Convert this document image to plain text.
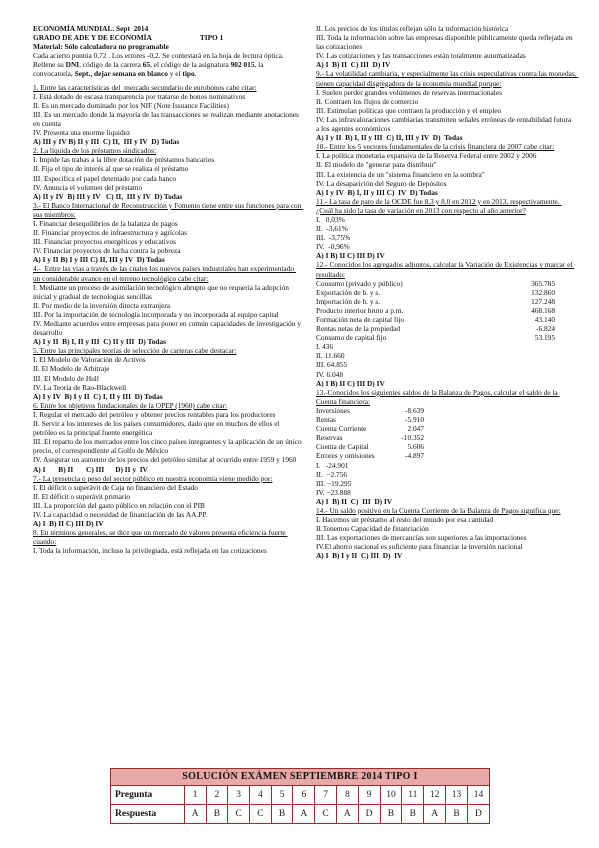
ECONOMÍA MUNDIAL. Sept  2014

GRADO DE ADE Y DE ECONOMÍA	TIPO 1

Material: Sólo calculadora no programable

Cada acierto puntúa 0,72 . Los errores -0,2. Se contestará en la hoja de lectura óptica. Rellene su DNI, código de la carrera 65, el código de la asignatura 902 015, la convocatoria, Sept., dejar semana en blanco y el tipo.

1. Entre las características del  mercado secundario de eurobonos cabe citar:

I. Está dotado de escasa transparencia por tratarse de bonos nominativos

II. Es un mercado dominado por los NIF (Note Issuance Facilities)

III. Es un mercado donde la mayoría de las transacciones se realizan mediante anotaciones en cuenta

IV. Presenta una enorme liquidez

A) III y IV B) II y III  C) II,  III y IV  D) Todas

2. La líquida de los préstamos sindicados:

I. Impide las trabas a la libre dotación de préstamos bancarios

II. Fija el tipo de interés al que se realiza el préstamo

III. Especifica el papel detentado por cada banco

IV. Anuncia el volumen del préstamo

A) II y IV  B) III y IV   C) II,  III y IV  D) Todas

3.- El Banco Internacional de Reconstrucción y Fomento tiene entre sus funciones para con sus miembros:

I. Financiar desequilibrios de la balanza de pagos

II. Financiar proyectos de infraestructura y agrícolas

III. Financiar proyectos energéticos y educativos

IV. Financiar proyectos de lucha contra la pobreza

A) I y II B) I y III C) II, III y IV  D) Todas

4.-  Entre las vías a través de las cuales los nuevos países industriales han experimentado un considerable avance en el terreno tecnológico cabe citar:

I. Mediante un proceso de asimilación tecnológico abrupto que no requería la adopción inicial y gradual de tecnologías sencillas

II. Por medio de la inversión directa extranjera

III. Por la importación de tecnología incorporada y no incorporada al equipo capital

IV. Mediante acuerdos entre empresas para poner en común capacidades de investigación y desarrollo

A) I y II  B) I, II y III  C) II y III  D) Todas

5. Entre las principales teorías de selección de carteras cabe destacar:

I. El Modelo de Valoración de Activos

II. El Modelo de Arbitraje

III. El Modelo de Hull

IV. La Teoría de Rao-Blackwell

A) I y IV  B) I y II  C) I, II y III  D) Todas

6. Entre los objetivos fundacionales de la OPEP (1960) cabe citar:

I. Regular el mercado del petróleo y obtener precios rentables para los productores

II. Servir a los intereses de los países consumidores, dado que en muchos de ellos el petróleo es la principal fuente energética

III. El reparto de los mercados entre los cinco países integrantes y la aplicación de un único precio, el correspondiente al Golfo de México

IV. Asegurar un aumento de los precios del petróleo similar al ocurrido entre 1959 y 1960

A) I       B) II       C) III      D) II y  IV

7.- La presencia o peso del sector público en nuestra economía viene medido por:

I. El déficit o superávit de Caja no financiero del Estado

II. El déficit o superávit primario

III. La proporción del gasto público en relación con el PIB

IV. La capacidad o necesidad de financiación de las AA.PP.

A) I  B) II C) III D) IV

8. En términos generales, se dice que un mercado de valores presenta eficiencia fuerte cuando:

I. Toda la información, incluso la privilegiada, está reflejada en las cotizaciones

II. Los precios de los títulos reflejan sólo la información histórica

III. Toda la información sobre las empresas disponible públicamente queda reflejada en las cotizaciones

IV. Las cotizaciones y las transacciones están totalmente automatizadas

A) I  B) II  C) III  D) IV

9.- La volatilidad cambiaria, y especialmente las crisis especulativas contra las monedas, tienen capacidad disgregadora de la economía mundial porque:

I. Suelen perder grandes volúmenes de reservas internacionales

II. Contraen los flujos de comercio

III. Estimulan políticas que contraen la producción y el empleo

IV. Las infravaloraciones cambiarias transmiten señales erróneas de rentabilidad futura  a los agentes económicos

A) I y II  B) I, II y III  C) II, III y IV  D)  Todas

10.- Entre los 5 vectores fundamentales de la crisis financiera de 2007 cabe citar:

I. La política monetaria expansiva de la Reserva Federal entre 2002 y 2006

II. El modelo de "generar para distribuir"

III. La existencia de un "sistema financiero en la sombra"

IV. La desaparición del Seguro de Depósitos

A) I y IV  B) I, II y III C)  IV  D) Todas

11.- La tasa de paro de la OCDE fue 8,3 y 8,0 en 2012 y en 2013, respectivamente. ¿Cuál ha sido la tasa de variación en 2013 con respecto al año anterior?

I.   0,03%

II.  -3,61%

III.  -3,75%

IV.  -0,96%

A) I B) II C) III D) IV

12.- Conocidos los agregados adjuntos, calcular la Variación de Existencias y marcar el resultado:

Consumo (privado y público)	365.785
Exportación de b. y s.	132.860
Importación de b. y s.	127.248
Producto interior bruto a p.m.	468.168
Formación neta de capital fijo	43.140
Rentas netas de la propiedad	-6.824
Consumo de capital fijo	53.195

I. 436

II. 11.660

III. 64.855

IV. 6.048

A) I B) II C) III D) IV

13.-Conocidos los siguientes saldos de la Balanza de Pagos, calcular el saldo de la Cuenta financiera:

Inversiones	-8.639
Rentas	-5.910
Cuenta Corriente	2.047
Reservas	-10.352
Cuenta de Capital	5.606
Errores y omisiones	-4.897

I.   -24.901

II.  −2.756

III. −19.295

IV. −23.888

A) I  B) II  C)  III  D) IV

14.- Un saldo positivo en la Cuenta Corriente de la Balanza de Pagos significa que:

I. Hacemos un préstamo al resto del mundo por esa cantidad

II.Tenemos Capacidad de financiación

III. Las exportaciones de mercancías son superiores a las importaciones

IV.El ahorro nacional es suficiente para financiar la inversión nacional

A) I  B) I y II  C) III  D)  IV

SOLUCIÓN EXÁMEN SEPTIEMBRE 2014 TIPO I														
Pregunta	1	2	3	4	5	6	7	8	9	10	11	12	13	14
Respuesta	A	B	C	C	B	A	C	A	D	B	B	A	B	D
